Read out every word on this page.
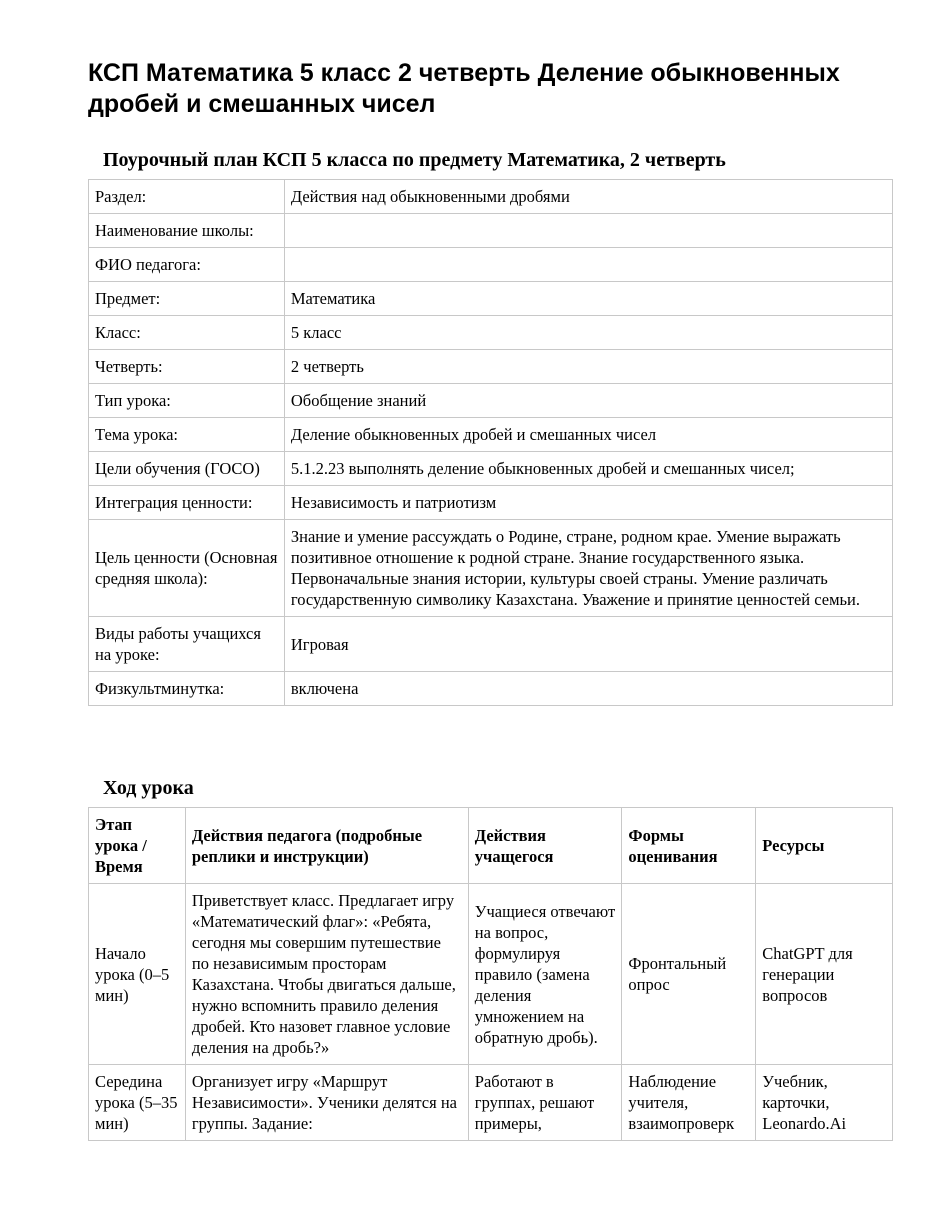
КСП Математика 5 класс 2 четверть Деление обыкновенных дробей и смешанных чисел
Поурочный план КСП 5 класса по предмету Математика, 2 четверть
Раздел:	Действия над обыкновенными дробями
Наименование школы:	
ФИО педагога:	
Предмет:	Математика
Класс:	5 класс
Четверть:	2 четверть
Тип урока:	Обобщение знаний
Тема урока:	Деление обыкновенных дробей и смешанных чисел
Цели обучения (ГОСО)	5.1.2.23 выполнять деление обыкновенных дробей и смешанных чисел;
Интеграция ценности:	Независимость и патриотизм
Цель ценности (Основная средняя школа):	Знание и умение рассуждать о Родине, стране, родном крае. Умение выражать позитивное отношение к родной стране. Знание государственного языка. Первоначальные знания истории, культуры своей страны. Умение различать государственную символику Казахстана. Уважение и принятие ценностей семьи.
Виды работы учащихся на уроке:	Игровая
Физкультминутка:	включена
Ход урока
Этап урока / Время	Действия педагога (подробные реплики и инструкции)	Действия учащегося	Формы оценивания	Ресурсы
Начало урока (0–5 мин)	Приветствует класс. Предлагает игру «Математический флаг»: «Ребята, сегодня мы совершим путешествие по независимым просторам Казахстана. Чтобы двигаться дальше, нужно вспомнить правило деления дробей. Кто назовет главное условие деления на дробь?»	Учащиеся отвечают на вопрос, формулируя правило (замена деления умножением на обратную дробь).	Фронтальный опрос	ChatGPT для генерации вопросов
Середина урока (5–35 мин)	Организует игру «Маршрут Независимости». Ученики делятся на группы. Задание:	Работают в группах, решают примеры,	Наблюдение учителя, взаимопроверк	Учебник, карточки, Leonardo.Ai
